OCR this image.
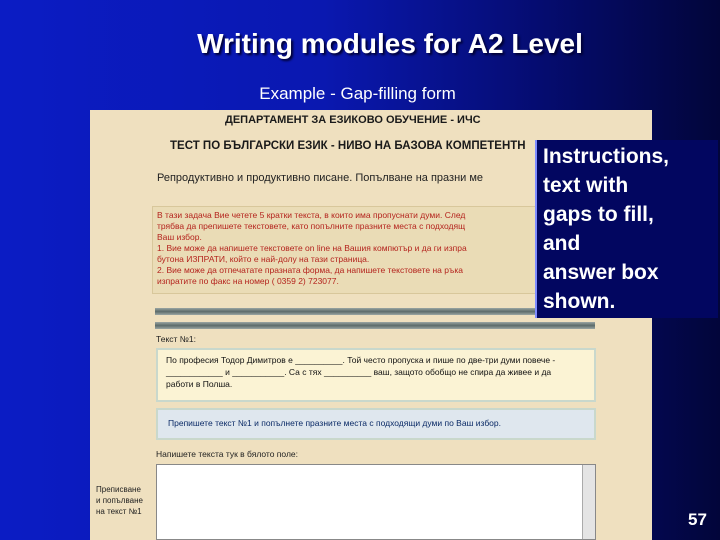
Writing modules for A2 Level
Example - Gap-filling form
ДЕПАРТАМЕНТ ЗА ЕЗИКОВО ОБУЧЕНИЕ - ИЧС
ТЕСТ ПО БЪЛГАРСКИ ЕЗИК - НИВО НА БАЗОВА КОМПЕТЕНТН
Репродуктивно и продуктивно писане. Попълване на празни ме
В тази задача Вие четете 5 кратки текста, в които има пропуснати думи. След
трябва да препишете текстовете, като попълните празните места с подходящ
Ваш избор.
1. Вие може да напишете текстовете on line на Вашия компютър и да ги изпра
бутона ИЗПРАТИ, който е най-долу на тази страница.
2. Вие може да отпечатате празната форма, да напишете текстовете на ръка
изпратите по факс на номер ( 0359 2) 723077.
Текст №1:
По професия Тодор Димитров е __________. Той често пропуска и пише по две-три думи повече -
____________ и ___________. Са с тях __________ ваш, защото обобщо не спира да живее и да
работи в Полша.
Препишете текст №1 и попълнете празните места с подходящи думи по Ваш избор.
Напишете текста тук в бялото поле:
Преписване
и попълване
на текст №1
Instructions,
text with
gaps to fill,
and
answer box
shown.
57
